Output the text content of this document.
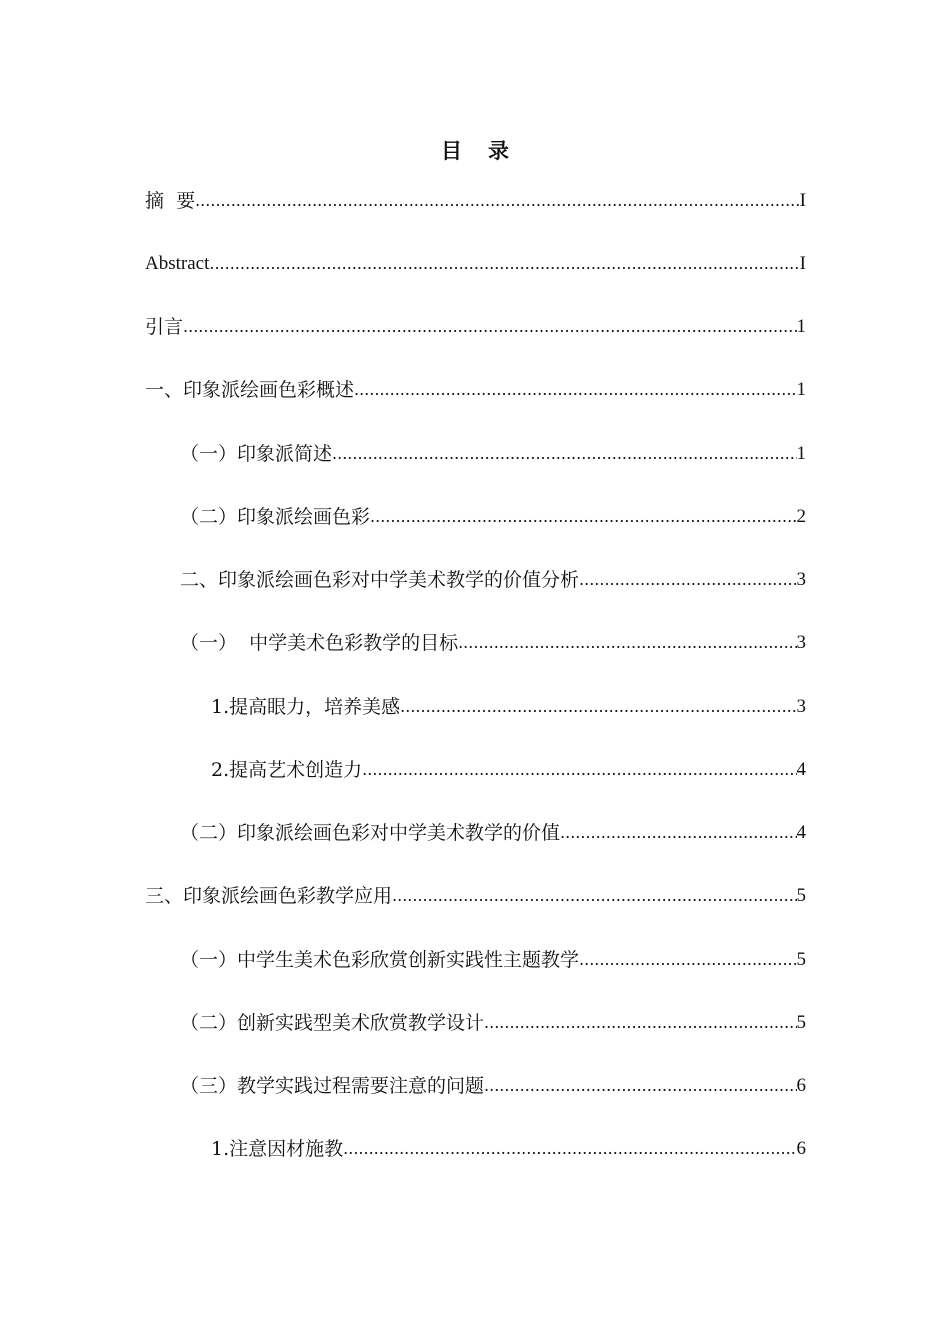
目 录
摘  要 .....	I
Abstract .....	I
引言 .....	1
一、印象派绘画色彩概述 .....	1
（一）印象派简述 .....	1
（二）印象派绘画色彩 .....	2
二、印象派绘画色彩对中学美术教学的价值分析 .....	3
（一）  中学美术色彩教学的目标 .....	3
1.提高眼力，培养美感 .....	3
2.提高艺术创造力 .....	4
（二）印象派绘画色彩对中学美术教学的价值 .....	4
三、印象派绘画色彩教学应用 .....	5
（一）中学生美术色彩欣赏创新实践性主题教学 .....	5
（二）创新实践型美术欣赏教学设计 .....	5
（三）教学实践过程需要注意的问题 .....	6
1.注意因材施教 .....	6
